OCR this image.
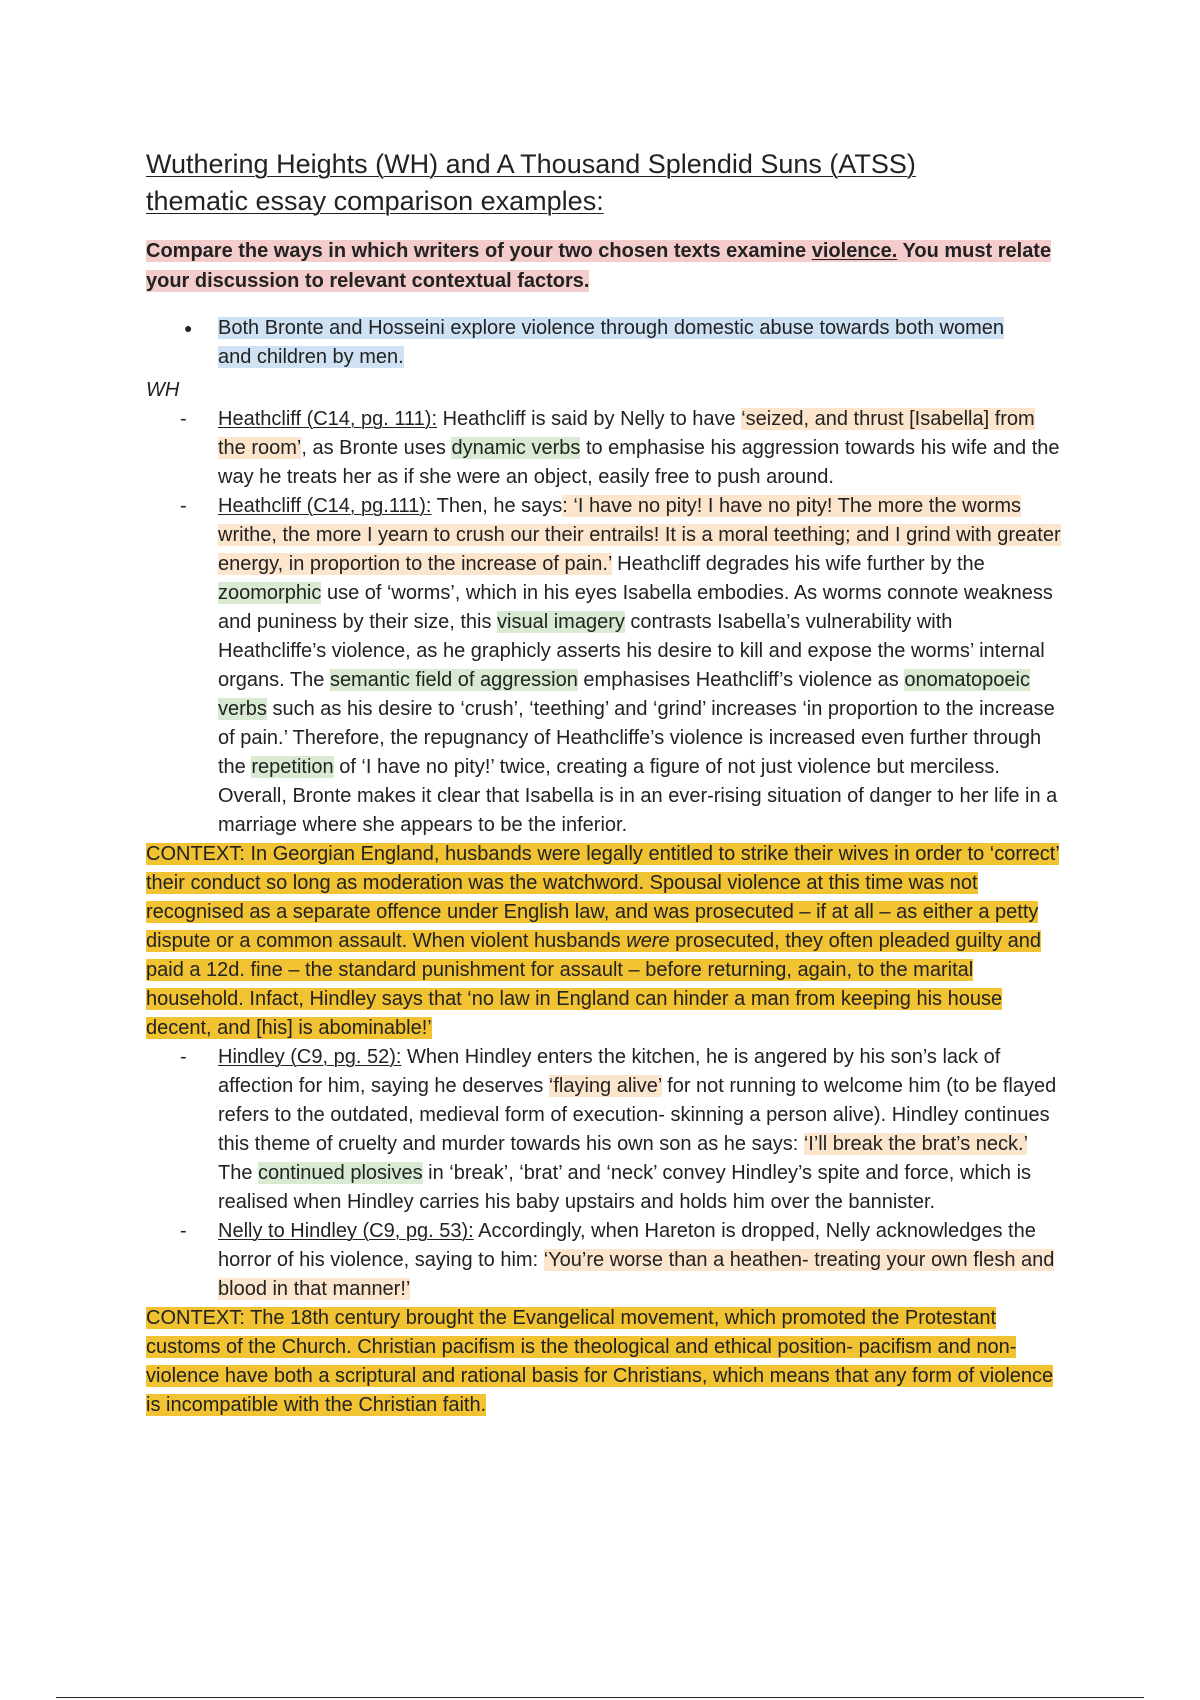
Wuthering Heights (WH) and A Thousand Splendid Suns (ATSS)
thematic essay comparison examples:

Compare the ways in which writers of your two chosen texts examine violence. You must relate your discussion to relevant contextual factors.

●	Both Bronte and Hosseini explore violence through domestic abuse towards both women and children by men.

WH

-	Heathcliff (C14, pg. 111): Heathcliff is said by Nelly to have ‘seized, and thrust [Isabella] from the room’, as Bronte uses dynamic verbs to emphasise his aggression towards his wife and the way he treats her as if she were an object, easily free to push around.
-	Heathcliff (C14, pg.111): Then, he says: ‘I have no pity! I have no pity! The more the worms writhe, the more I yearn to crush our their entrails! It is a moral teething; and I grind with greater energy, in proportion to the increase of pain.’ Heathcliff degrades his wife further by the zoomorphic use of ‘worms’, which in his eyes Isabella embodies. As worms connote weakness and puniness by their size, this visual imagery contrasts Isabella’s vulnerability with Heathcliffe’s violence, as he graphicly asserts his desire to kill and expose the worms’ internal organs. The semantic field of aggression emphasises Heathcliff’s violence as onomatopoeic verbs such as his desire to ‘crush’, ‘teething’ and ‘grind’ increases ‘in proportion to the increase of pain.’ Therefore, the repugnancy of Heathcliffe’s violence is increased even further through the repetition of ‘I have no pity!’ twice, creating a figure of not just violence but merciless. Overall, Bronte makes it clear that Isabella is in an ever-rising situation of danger to her life in a marriage where she appears to be the inferior.

CONTEXT: In Georgian England, husbands were legally entitled to strike their wives in order to ‘correct’ their conduct so long as moderation was the watchword. Spousal violence at this time was not recognised as a separate offence under English law, and was prosecuted – if at all – as either a petty dispute or a common assault. When violent husbands were prosecuted, they often pleaded guilty and paid a 12d. fine – the standard punishment for assault – before returning, again, to the marital household. Infact, Hindley says that ‘no law in England can hinder a man from keeping his house decent, and [his] is abominable!’

-	Hindley (C9, pg. 52): When Hindley enters the kitchen, he is angered by his son’s lack of affection for him, saying he deserves ‘flaying alive’ for not running to welcome him (to be flayed refers to the outdated, medieval form of execution- skinning a person alive). Hindley continues this theme of cruelty and murder towards his own son as he says: ‘I’ll break the brat’s neck.’ The continued plosives in ‘break’, ‘brat’ and ‘neck’ convey Hindley’s spite and force, which is realised when Hindley carries his baby upstairs and holds him over the bannister.
-	Nelly to Hindley (C9, pg. 53): Accordingly, when Hareton is dropped, Nelly acknowledges the horror of his violence, saying to him: ‘You’re worse than a heathen- treating your own flesh and blood in that manner!’

CONTEXT: The 18th century brought the Evangelical movement, which promoted the Protestant customs of the Church. Christian pacifism is the theological and ethical position- pacifism and non-violence have both a scriptural and rational basis for Christians, which means that any form of violence is incompatible with the Christian faith.
